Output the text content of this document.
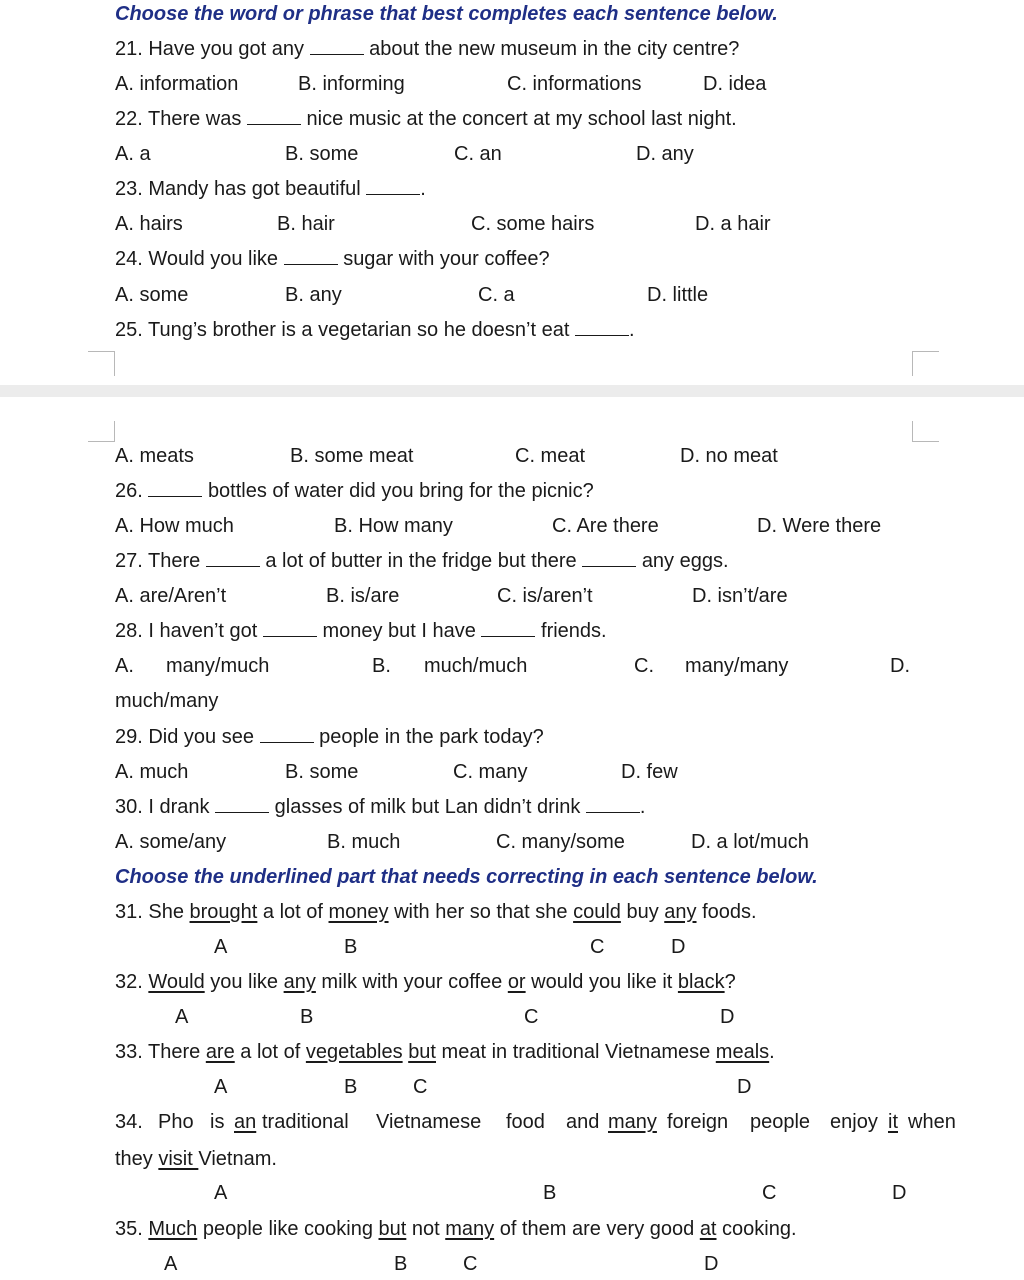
Choose the word or phrase that best completes each sentence below.
21. Have you got any	about the new museum in the city centre?
A. information	B. informing	C. informations	D. idea
22. There was	nice music at the concert at my school last night.
A. a	B. some	C. an	D. any
23. Mandy has got beautiful	.
A. hairs	B. hair	C. some hairs	D. a hair
24. Would you like	sugar with your coffee?
A. some	B. any	C. a	D. little
25. Tung’s brother is a vegetarian so he doesn’t eat	.
A. meats	B. some meat	C. meat	D. no meat
26.	bottles of water did you bring for the picnic?
A. How much	B. How many	C. Are there	D. Were there
27. There	a lot of butter in the fridge but there	any eggs.
A. are/Aren’t	B. is/are	C. is/aren’t	D. isn’t/are
28. I haven’t got	money but I have	friends.
A. many/much	B. much/much	C. many/many	D.
much/many
29. Did you see	people in the park today?
A. much	B. some	C. many	D. few
30. I drank	glasses of milk but Lan didn’t drink	.
A. some/any	B. much	C. many/some	D. a lot/much
Choose the underlined part that needs correcting in each sentence below.
31. She brought a lot of money with her so that she could buy any foods.
A	B	C	D
32. Would you like any milk with your coffee or would you like it black?
A	B	C	D
33. There are a lot of vegetables but meat in traditional Vietnamese meals.
A	B	C	D
34. Pho is an traditional Vietnamese food and many foreign people enjoy it when
they visit Vietnam.
A	B	C	D
35. Much people like cooking but not many of them are very good at cooking.
A	B	C	D
